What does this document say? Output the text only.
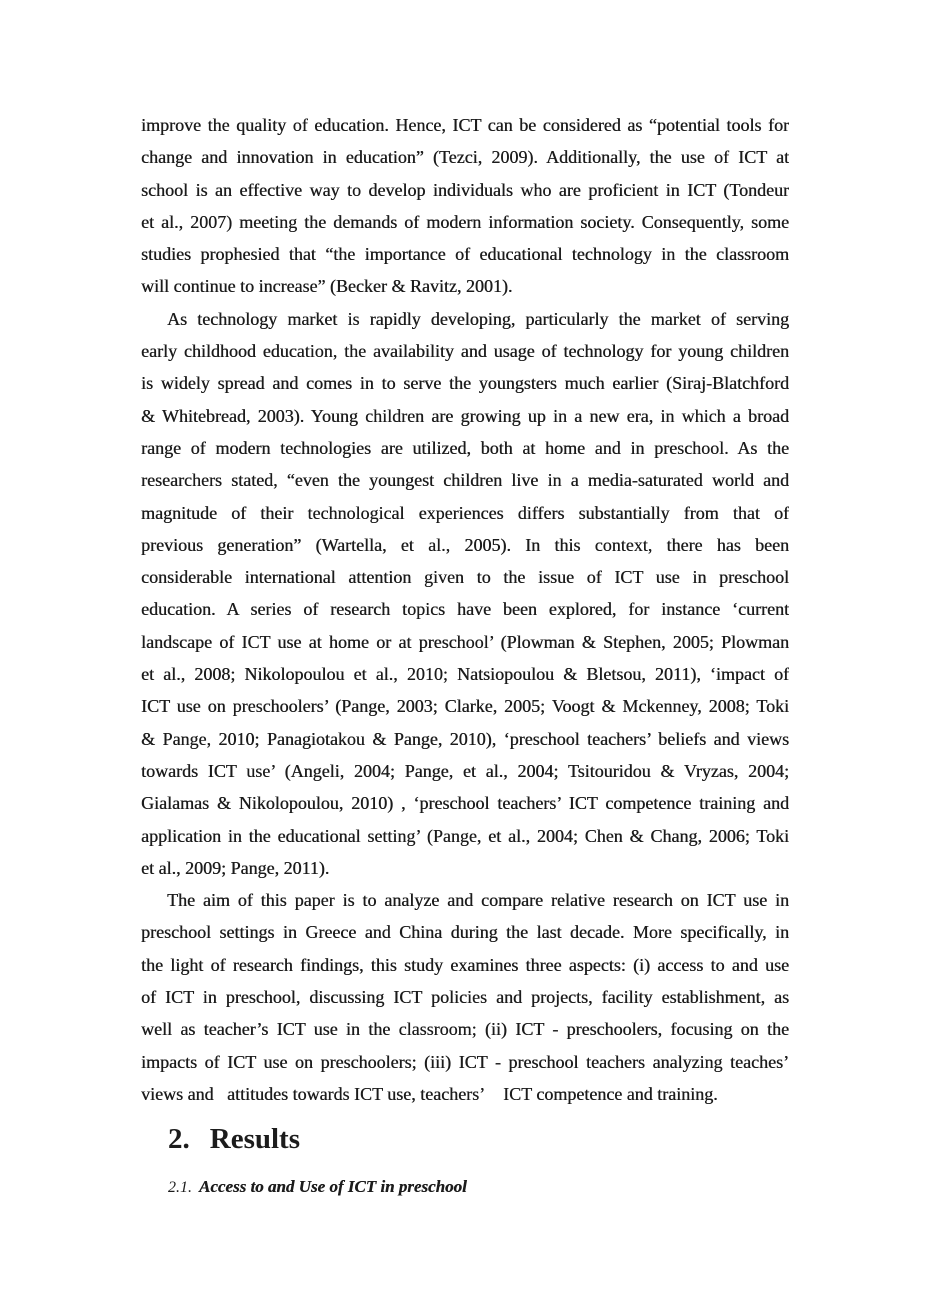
improve the quality of education. Hence, ICT can be considered as “potential tools for
change and innovation in education” (Tezci, 2009). Additionally, the use of ICT at
school is an effective way to develop individuals who are proficient in ICT (Tondeur
et al., 2007) meeting the demands of modern information society. Consequently, some
studies prophesied that “the importance of educational technology in the classroom
will continue to increase” (Becker & Ravitz, 2001).
As technology market is rapidly developing, particularly the market of serving
early childhood education, the availability and usage of technology for young children
is widely spread and comes in to serve the youngsters much earlier (Siraj-Blatchford
& Whitebread, 2003). Young children are growing up in a new era, in which a broad
range of modern technologies are utilized, both at home and in preschool. As the
researchers stated, “even the youngest children live in a media-saturated world and
magnitude of their technological experiences differs substantially from that of
previous generation” (Wartella, et al., 2005). In this context, there has been
considerable international attention given to the issue of ICT use in preschool
education. A series of research topics have been explored, for instance ‘current
landscape of ICT use at home or at preschool’ (Plowman & Stephen, 2005; Plowman
et al., 2008; Nikolopoulou et al., 2010; Natsiopoulou & Bletsou, 2011), ‘impact of
ICT use on preschoolers’ (Pange, 2003; Clarke, 2005; Voogt & Mckenney, 2008; Toki
& Pange, 2010; Panagiotakou & Pange, 2010), ‘preschool teachers’ beliefs and views
towards ICT use’ (Angeli, 2004; Pange, et al., 2004; Tsitouridou & Vryzas, 2004;
Gialamas & Nikolopoulou, 2010) , ‘preschool teachers’ ICT competence training and
application in the educational setting’ (Pange, et al., 2004; Chen & Chang, 2006; Toki
et al., 2009; Pange, 2011).
The aim of this paper is to analyze and compare relative research on ICT use in
preschool settings in Greece and China during the last decade. More specifically, in
the light of research findings, this study examines three aspects: (i) access to and use
of ICT in preschool, discussing ICT policies and projects, facility establishment, as
well as teacher’s ICT use in the classroom; (ii) ICT - preschoolers, focusing on the
impacts of ICT use on preschoolers; (iii) ICT - preschool teachers analyzing teaches’
views and   attitudes towards ICT use, teachers’    ICT competence and training.
2. Results
2.1. Access to and Use of ICT in preschool
